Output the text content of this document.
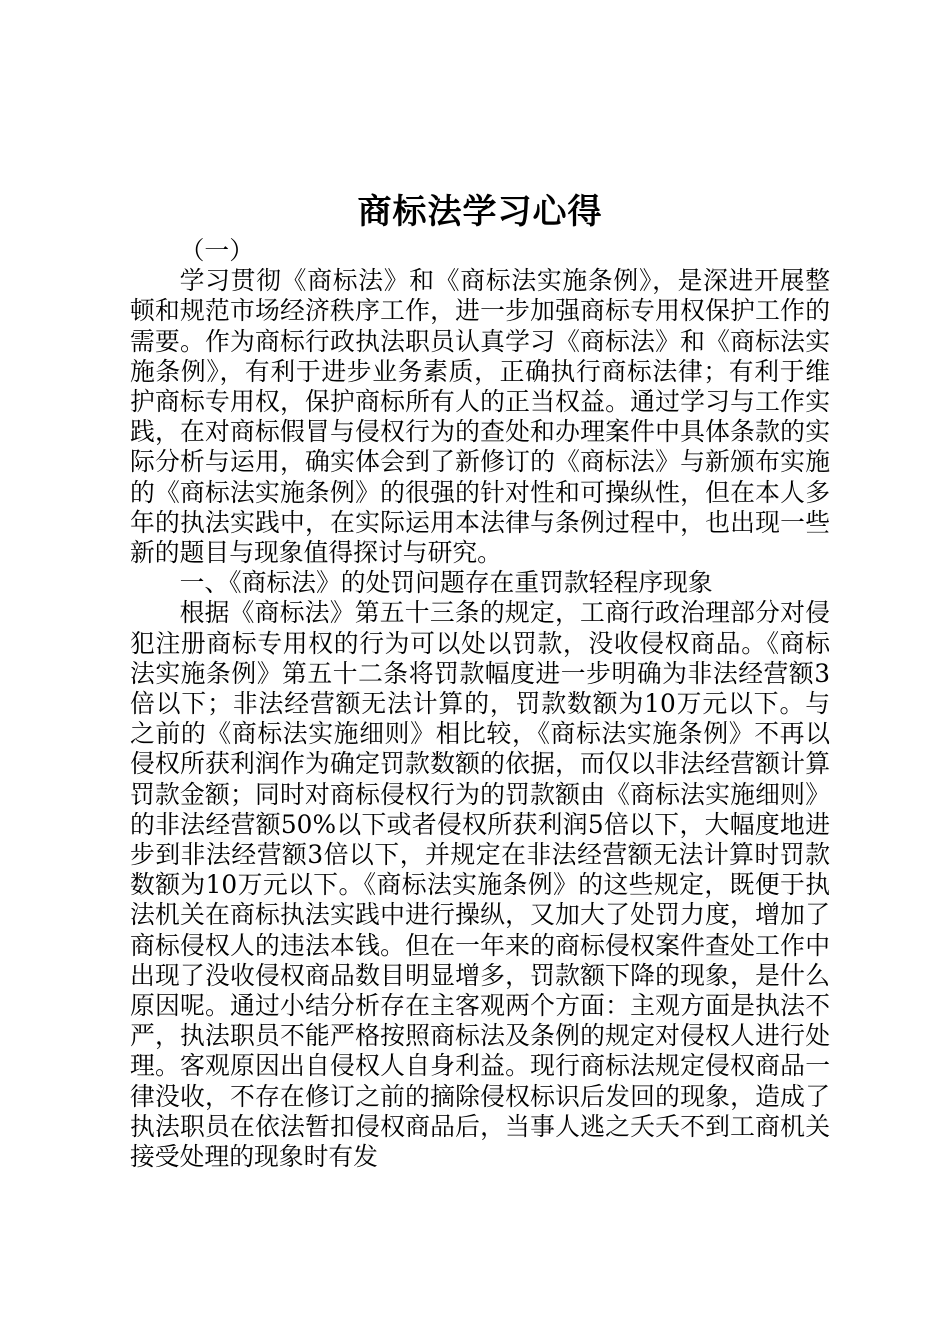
商标法学习心得

（一）

学习贯彻《商标法》和《商标法实施条例》，是深进开展整顿和规范市场经济秩序工作，进一步加强商标专用权保护工作的需要。作为商标行政执法职员认真学习《商标法》和《商标法实施条例》，有利于进步业务素质，正确执行商标法律；有利于维护商标专用权，保护商标所有人的正当权益。通过学习与工作实践，在对商标假冒与侵权行为的查处和办理案件中具体条款的实际分析与运用，确实体会到了新修订的《商标法》与新颁布实施的《商标法实施条例》的很强的针对性和可操纵性，但在本人多年的执法实践中，在实际运用本法律与条例过程中，也出现一些新的题目与现象值得探讨与研究。

一、《商标法》的处罚问题存在重罚款轻程序现象

根据《商标法》第五十三条的规定，工商行政治理部分对侵犯注册商标专用权的行为可以处以罚款，没收侵权商品。《商标法实施条例》第五十二条将罚款幅度进一步明确为非法经营额3倍以下；非法经营额无法计算的，罚款数额为10万元以下。与之前的《商标法实施细则》相比较，《商标法实施条例》不再以侵权所获利润作为确定罚款数额的依据，而仅以非法经营额计算罚款金额；同时对商标侵权行为的罚款额由《商标法实施细则》的非法经营额50%以下或者侵权所获利润5倍以下，大幅度地进步到非法经营额3倍以下，并规定在非法经营额无法计算时罚款数额为10万元以下。《商标法实施条例》的这些规定，既便于执法机关在商标执法实践中进行操纵，又加大了处罚力度，增加了商标侵权人的违法本钱。但在一年来的商标侵权案件查处工作中出现了没收侵权商品数目明显增多，罚款额下降的现象，是什么原因呢。通过小结分析存在主客观两个方面：主观方面是执法不严，执法职员不能严格按照商标法及条例的规定对侵权人进行处理。客观原因出自侵权人自身利益。现行商标法规定侵权商品一律没收，不存在修订之前的摘除侵权标识后发回的现象，造成了执法职员在依法暂扣侵权商品后，当事人逃之夭夭不到工商机关接受处理的现象时有发
